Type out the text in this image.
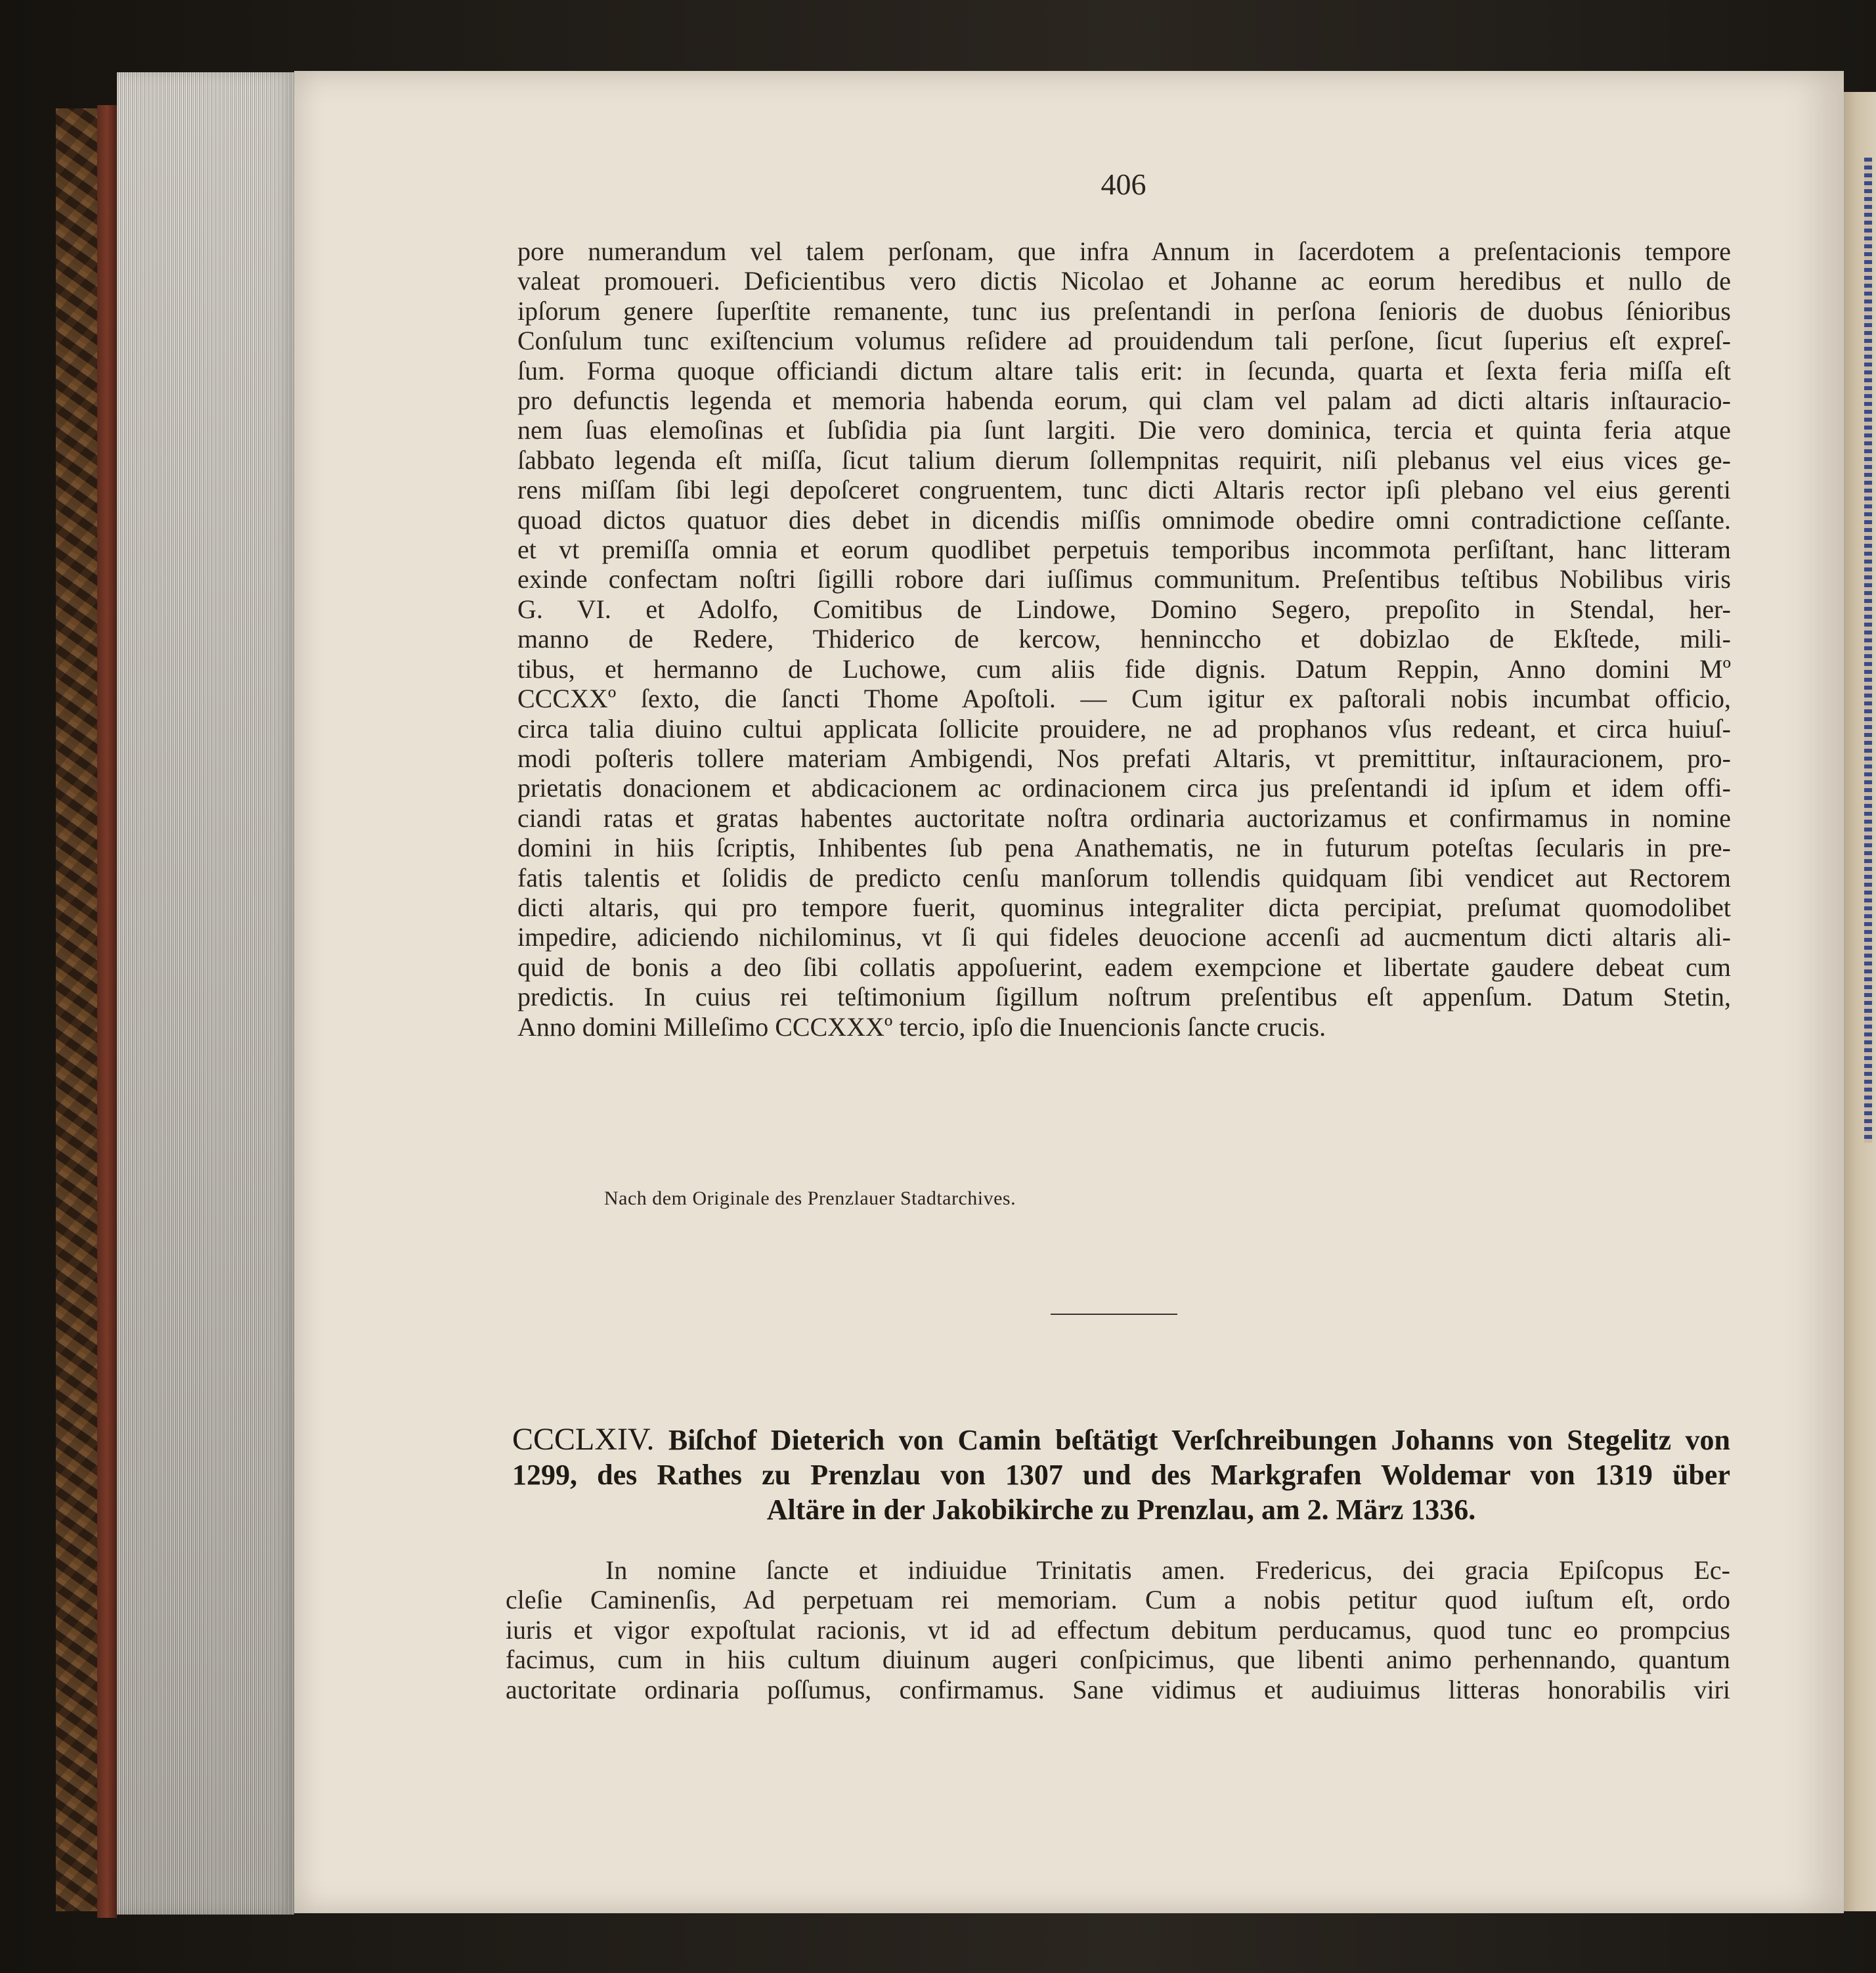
406

pore numerandum vel talem perſonam, que infra Annum in ſacerdotem a preſentacionis tempore

valeat promoueri. Deficientibus vero dictis Nicolao et Johanne ac eorum heredibus et nullo de

ipſorum genere ſuperſtite remanente, tunc ius preſentandi in perſona ſenioris de duobus ſénioribus

Conſulum tunc exiſtencium volumus reſidere ad prouidendum tali perſone, ſicut ſuperius eſt expreſ-

ſum. Forma quoque officiandi dictum altare talis erit: in ſecunda, quarta et ſexta feria miſſa eſt

pro defunctis legenda et memoria habenda eorum, qui clam vel palam ad dicti altaris inſtauracio-

nem ſuas elemoſinas et ſubſidia pia ſunt largiti. Die vero dominica, tercia et quinta feria atque

ſabbato legenda eſt miſſa, ſicut talium dierum ſollempnitas requirit, niſi plebanus vel eius vices ge-

rens miſſam ſibi legi depoſceret congruentem, tunc dicti Altaris rector ipſi plebano vel eius gerenti

quoad dictos quatuor dies debet in dicendis miſſis omnimode obedire omni contradictione ceſſante.

et vt premiſſa omnia et eorum quodlibet perpetuis temporibus incommota perſiſtant, hanc litteram

exinde confectam noſtri ſigilli robore dari iuſſimus communitum. Preſentibus teſtibus Nobilibus viris

G. VI. et Adolfo, Comitibus de Lindowe, Domino Segero, prepoſito in Stendal, her-

manno de Redere, Thiderico de kercow, henninccho et dobizlao de Ekſtede, mili-

tibus, et hermanno de Luchowe, cum aliis fide dignis. Datum Reppin, Anno domini Mº

CCCXXº ſexto, die ſancti Thome Apoſtoli. — Cum igitur ex paſtorali nobis incumbat officio,

circa talia diuino cultui applicata ſollicite prouidere, ne ad prophanos vſus redeant, et circa huiuſ-

modi poſteris tollere materiam Ambigendi, Nos prefati Altaris, vt premittitur, inſtauracionem, pro-

prietatis donacionem et abdicacionem ac ordinacionem circa jus preſentandi id ipſum et idem offi-

ciandi ratas et gratas habentes auctoritate noſtra ordinaria auctorizamus et confirmamus in nomine

domini in hiis ſcriptis, Inhibentes ſub pena Anathematis, ne in futurum poteſtas ſecularis in pre-

fatis talentis et ſolidis de predicto cenſu manſorum tollendis quidquam ſibi vendicet aut Rectorem

dicti altaris, qui pro tempore fuerit, quominus integraliter dicta percipiat, preſumat quomodolibet

impedire, adiciendo nichilominus, vt ſi qui fideles deuocione accenſi ad aucmentum dicti altaris ali-

quid de bonis a deo ſibi collatis appoſuerint, eadem exempcione et libertate gaudere debeat cum

predictis. In cuius rei teſtimonium ſigillum noſtrum preſentibus eſt appenſum. Datum Stetin,

Anno domini Milleſimo CCCXXXº tercio, ipſo die Inuencionis ſancte crucis.

Nach dem Originale des Prenzlauer Stadtarchives.
CCCLXIV. Biſchof Dieterich von Camin beſtätigt Verſchreibungen Johanns von Stegelitz von
1299, des Rathes zu Prenzlau von 1307 und des Markgrafen Woldemar von 1319 über
Altäre in der Jakobikirche zu Prenzlau, am 2. März 1336.

In nomine ſancte et indiuidue Trinitatis amen. Fredericus, dei gracia Epiſcopus Ec-

cleſie Caminenſis, Ad perpetuam rei memoriam. Cum a nobis petitur quod iuſtum eſt, ordo

iuris et vigor expoſtulat racionis, vt id ad effectum debitum perducamus, quod tunc eo prompcius

facimus, cum in hiis cultum diuinum augeri conſpicimus, que libenti animo perhennando, quantum

auctoritate ordinaria poſſumus, confirmamus. Sane vidimus et audiuimus litteras honorabilis viri
